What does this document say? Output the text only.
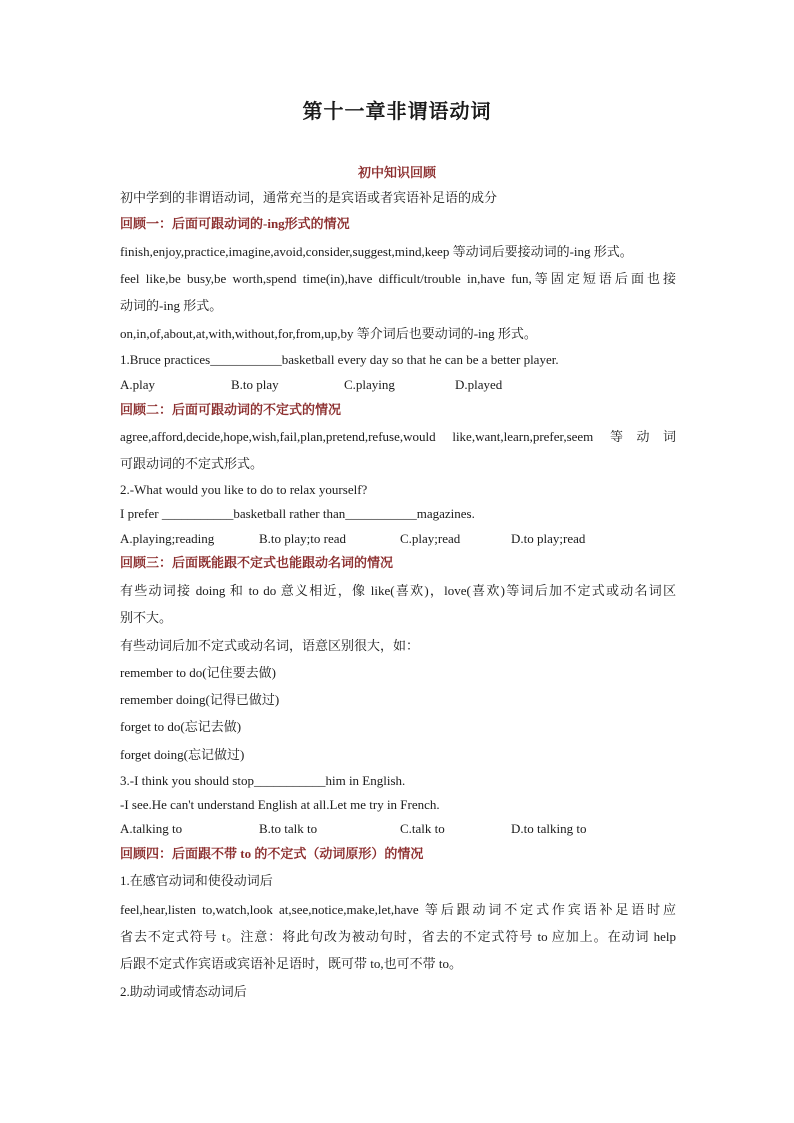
第十一章非谓语动词
初中知识回顾
初中学到的非谓语动词，通常充当的是宾语或者宾语补足语的成分
回顾一：后面可跟动词的-ing形式的情况
finish,enjoy,practice,imagine,avoid,consider,suggest,mind,keep 等动词后要接动词的-ing 形式。
feel like,be busy,be worth,spend time(in),have difficult/trouble in,have fun,等固定短语后面也接
动词的-ing 形式。
on,in,of,about,at,with,without,for,from,up,by 等介词后也要动词的-ing 形式。
1.Bruce practices___________basketball every day so that he can be a better player.
A.play	B.to play	C.playing	D.played
回顾二：后面可跟动词的不定式的情况
agree,afford,decide,hope,wish,fail,plan,pretend,refuse,would like,want,learn,prefer,seem 等动词
可跟动词的不定式形式。
2.-What would you like to do to relax yourself?
I prefer ___________basketball rather than___________magazines.
A.playing;reading	B.to play;to read	C.play;read	D.to play;read
回顾三：后面既能跟不定式也能跟动名词的情况
有些动词接 doing 和 to do 意义相近，像 like(喜欢)，love(喜欢)等词后加不定式或动名词区
别不大。
有些动词后加不定式或动名词，语意区别很大，如：
remember to do(记住要去做)
remember doing(记得已做过)
forget to do(忘记去做)
forget doing(忘记做过)
3.-I think you should stop___________him in English.
-I see.He can't understand English at all.Let me try in French.
A.talking to	B.to talk to	C.talk to	D.to talking to
回顾四：后面跟不带 to 的不定式（动词原形）的情况
1.在感官动词和使役动词后
feel,hear,listen to,watch,look at,see,notice,make,let,have 等后跟动词不定式作宾语补足语时应
省去不定式符号 t。注意：将此句改为被动句时，省去的不定式符号 to 应加上。在动词 help
后跟不定式作宾语或宾语补足语时，既可带 to,也可不带 to。
2.助动词或情态动词后
